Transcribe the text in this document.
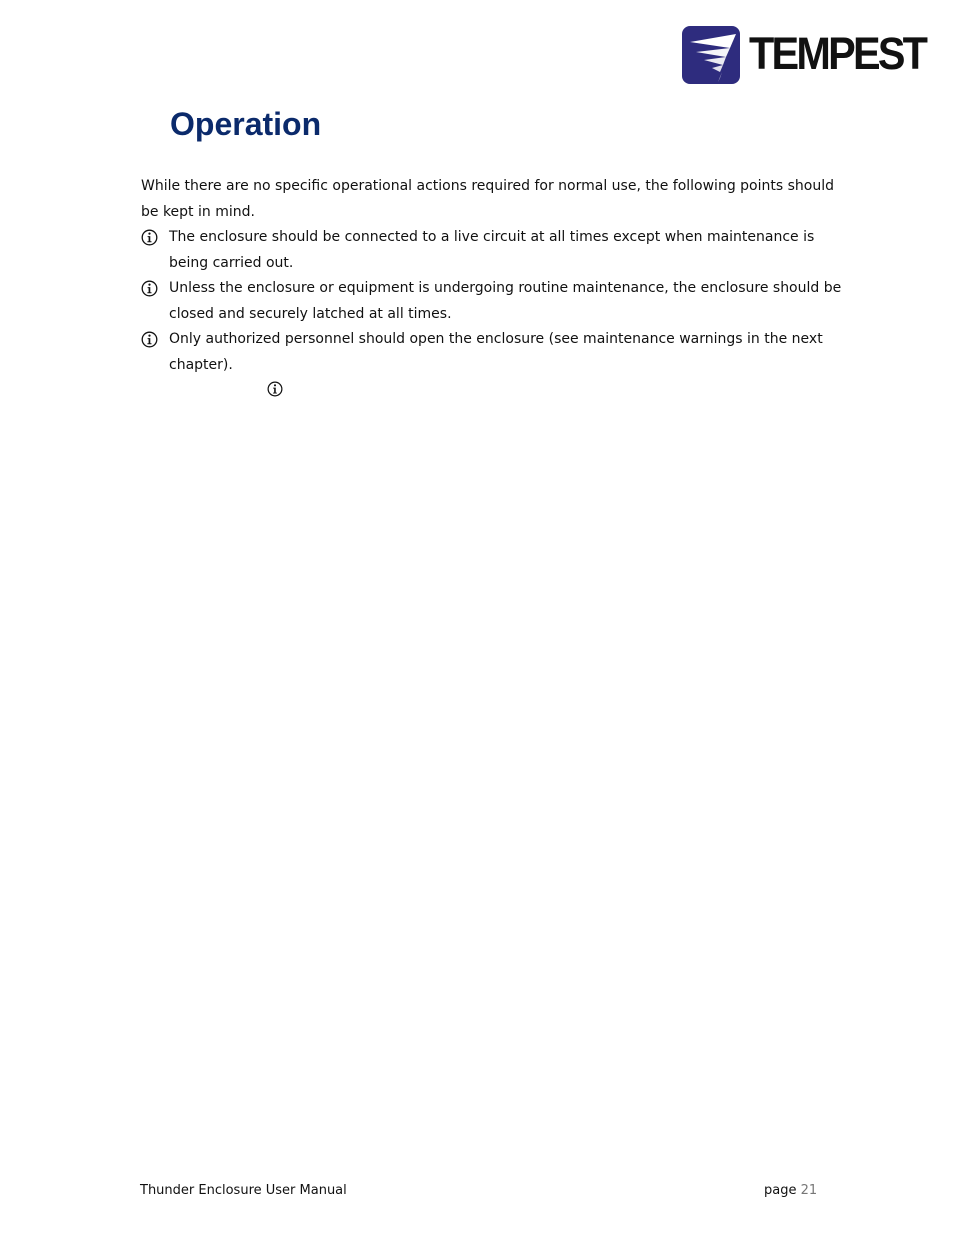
TEMPEST
Operation

While there are no specific operational actions required for normal use, the following points should be kept in mind.

The enclosure should be connected to a live circuit at all times except when maintenance is being carried out.

Unless the enclosure or equipment is undergoing routine maintenance, the enclosure should be closed and securely latched at all times.

Only authorized personnel should open the enclosure (see maintenance warnings in the next chapter).

Thunder Enclosure User Manual	page 21
